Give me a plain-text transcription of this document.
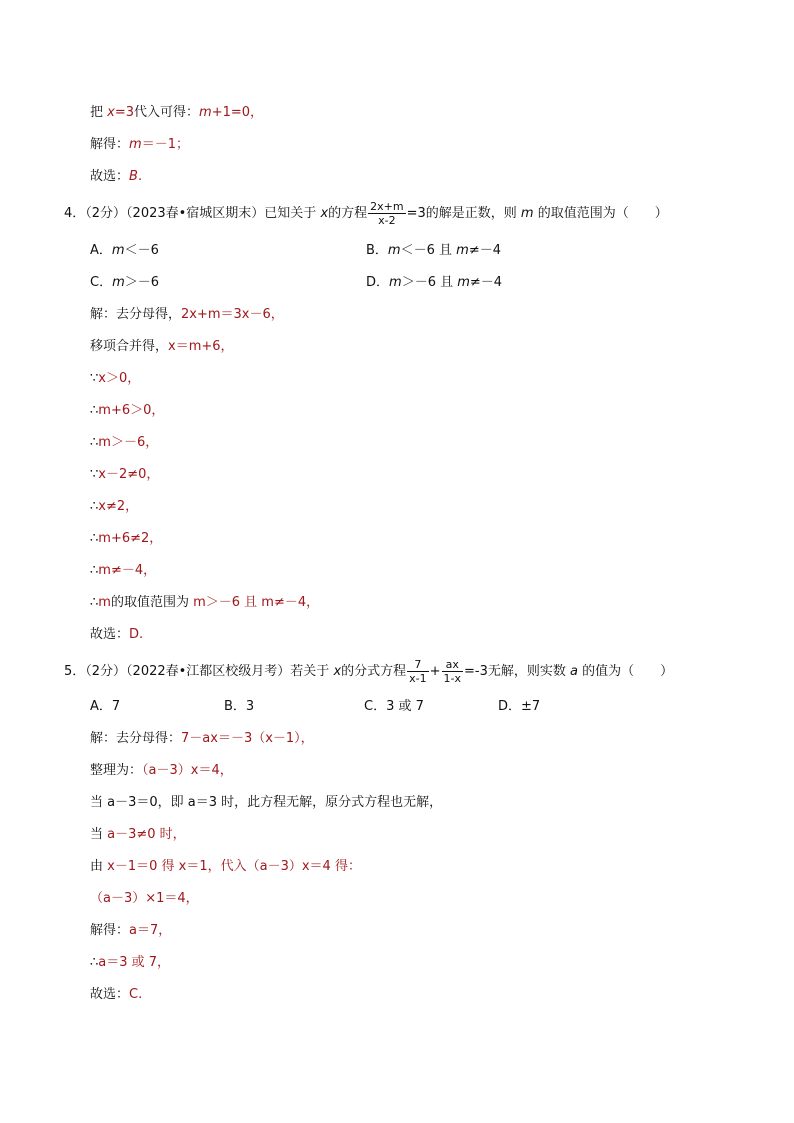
把 x=3代入可得：m+1=0，
解得：m＝－1；
故选：B.
4．（2分）（2023春•宿城区期末）已知关于 x的方程 $\frac{2x+m}{x-2} =3$的解是正数，则 m 的取值范围为（ ）
A．m＜－6	B．m＜－6 且 m≠－4
C．m＞－6	D．m＞－6 且 m≠－4
解：去分母得，2x+m＝3x－6，
移项合并得，x＝m+6，
∵x＞0，
∴m+6＞0，
∴m＞－6，
∵x－2≠0，
∴x≠2，
∴m+6≠2，
∴m≠－4，
∴m的取值范围为 m＞－6 且 m≠－4，
故选：D.
5．（2分）（2022春•江都区校级月考）若关于 x的分式方程 $\frac{7}{x-1} + \frac{ax}{1-x} =-3$无解，则实数 a 的值为（ ）
A．7	B．3	C．3 或 7	D．±7
解：去分母得：7－ax＝－3（x－1），
整理为：（a－3）x＝4，
当 a－3＝0，即 a＝3 时，此方程无解，原分式方程也无解，
当 a－3≠0 时，
由 x－1＝0 得 x＝1，代入（a－3）x＝4 得：
（a－3）×1＝4，
解得：a＝7，
∴a＝3 或 7，
故选：C.
